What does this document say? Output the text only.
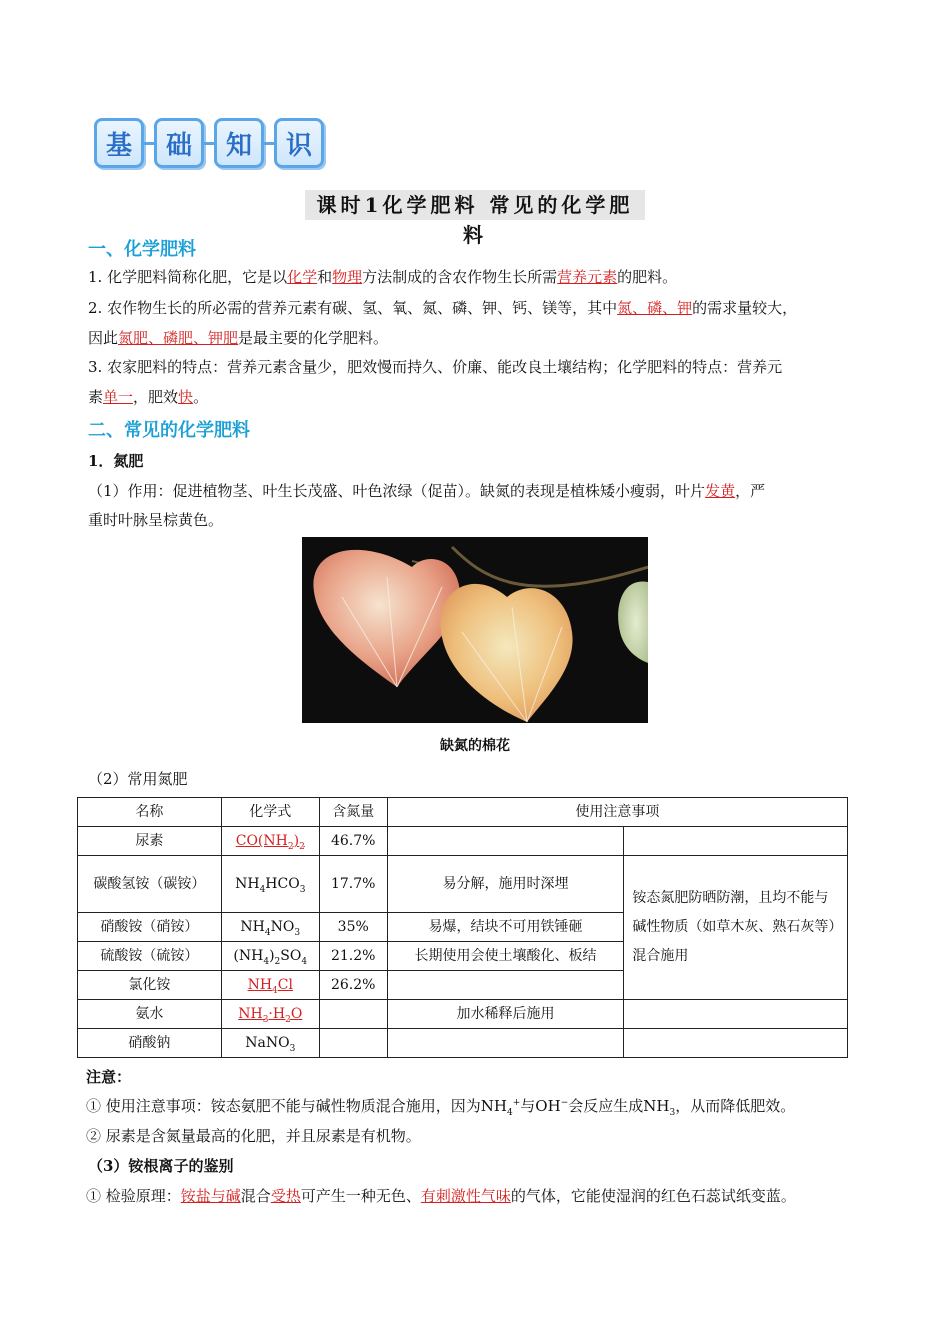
基	础	知	识
课时1化学肥料 常见的化学肥料
一、化学肥料
1. 化学肥料简称化肥，它是以化学和物理方法制成的含农作物生长所需营养元素的肥料。
2. 农作物生长的所必需的营养元素有碳、氢、氧、氮、磷、钾、钙、镁等，其中氮、磷、钾的需求量较大，
因此氮肥、磷肥、钾肥是最主要的化学肥料。
3. 农家肥料的特点：营养元素含量少，肥效慢而持久、价廉、能改良土壤结构；化学肥料的特点：营养元
素单一，肥效快。
二、常见的化学肥料
1．氮肥
（1）作用：促进植物茎、叶生长茂盛、叶色浓绿（促苗）。缺氮的表现是植株矮小瘦弱，叶片发黄，严
重时叶脉呈棕黄色。
缺氮的棉花
（2）常用氮肥
名称	化学式	含氮量	使用注意事项	
尿素	$CO(NH_2)_2$	46.7%		
碳酸氢铵（碳铵）	$NH_4HCO_3$	17.7%	易分解，施用时深埋	铵态氮肥防晒防潮，且均不能与碱性物质（如草木灰、熟石灰等）混合施用
硝酸铵（硝铵）	$NH_4NO_3$	35%	易爆，结块不可用铁锤砸	
硫酸铵（硫铵）	$(NH_4)_2SO_4$	21.2%	长期使用会使土壤酸化、板结	
氯化铵	$NH_4Cl$	26.2%		
氨水	$NH_3\cdot H_2O$		加水稀释后施用	
硝酸钠	NaNO$_3$			
注意：
① 使用注意事项：铵态氨肥不能与碱性物质混合施用，因为$NH_4^+$与OH−会反应生成$NH_3$，从而降低肥效。
② 尿素是含氮量最高的化肥，并且尿素是有机物。
（3）铵根离子的鉴别
① 检验原理：铵盐与碱混合受热可产生一种无色、有刺激性气味的气体，它能使湿润的红色石蕊试纸变蓝。
